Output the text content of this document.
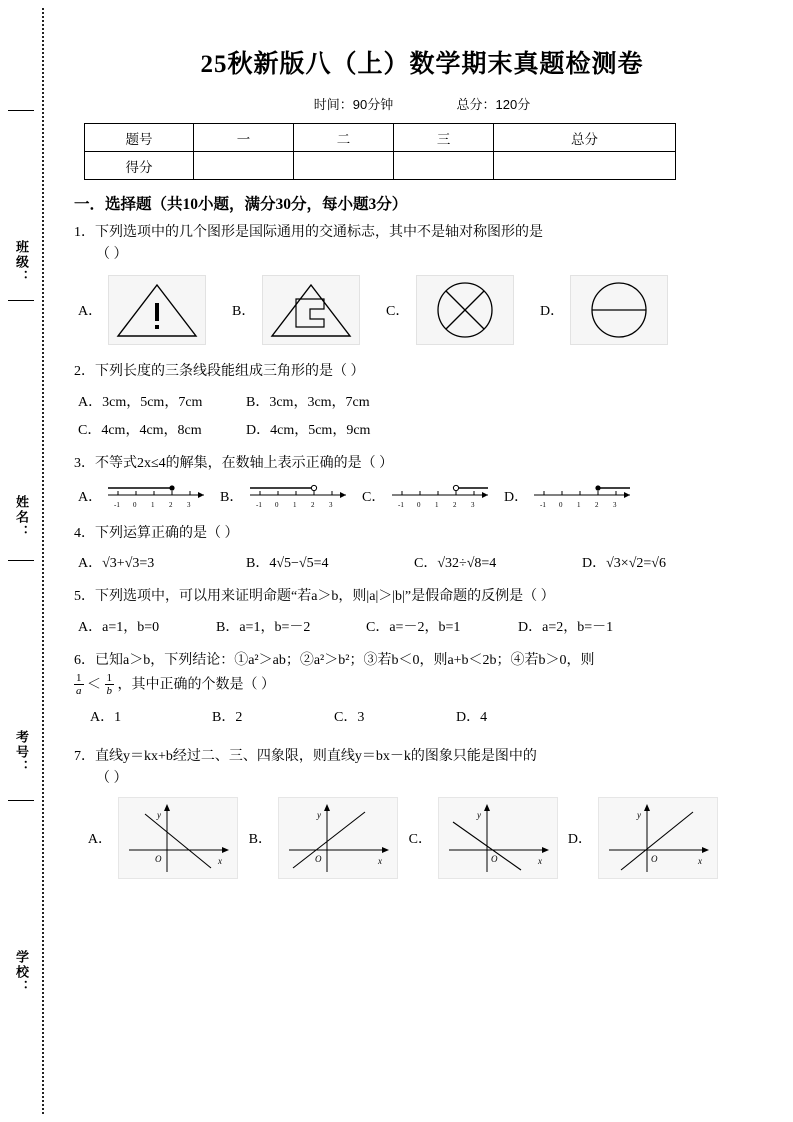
班级：
姓名：
考号：
学校：
25秋新版八（上）数学期末真题检测卷
时间：90分钟	总分：120分
题号	一	二	三	总分
得分				
一．选择题（共10小题，满分30分，每小题3分）
1．下列选项中的几个图形是国际通用的交通标志，其中不是轴对称图形的是
（ ）
A．	B．	C．	D．
2．下列长度的三条线段能组成三角形的是（ ）
A．3cm，5cm，7cm	B．3cm，3cm，7cm
C．4cm，4cm，8cm	D．4cm，5cm，9cm
3．不等式2x≤4的解集，在数轴上表示正确的是（ ）
A． -1 0 1 2 3 B．	-1 0 1 2 3 C．	-1 0 1 2 3 D． -1 0 1 2 3
4．下列运算正确的是（ ）
A．√3+√3=3	B．4√5−√5=4	C．√32÷√8=4	D．√3×√2=√6
5．下列选项中，可以用来证明命题“若a＞b，则|a|＞|b|”是假命题的反例是（ ）
A．a=1，b=0	B．a=1，b=－2	C．a=－2，b=1	D．a=2，b=－1
6．已知a＞b，下列结论：①a²＞ab；②a²＞b²；③若b＜0，则a+b＜2b；④若b＞0，则
$\frac{1}{a} < \frac{1}{b}$ ，其中正确的个数是（ ）
A．1	B．2	C．3	D．4
7．直线y＝kx+b经过二、三、四象限，则直线y＝bx－k的图象只能是图中的
（ ）
A．
y
x
O
B．
y
x
O
C．
y
x
O
D．
y
x
O
